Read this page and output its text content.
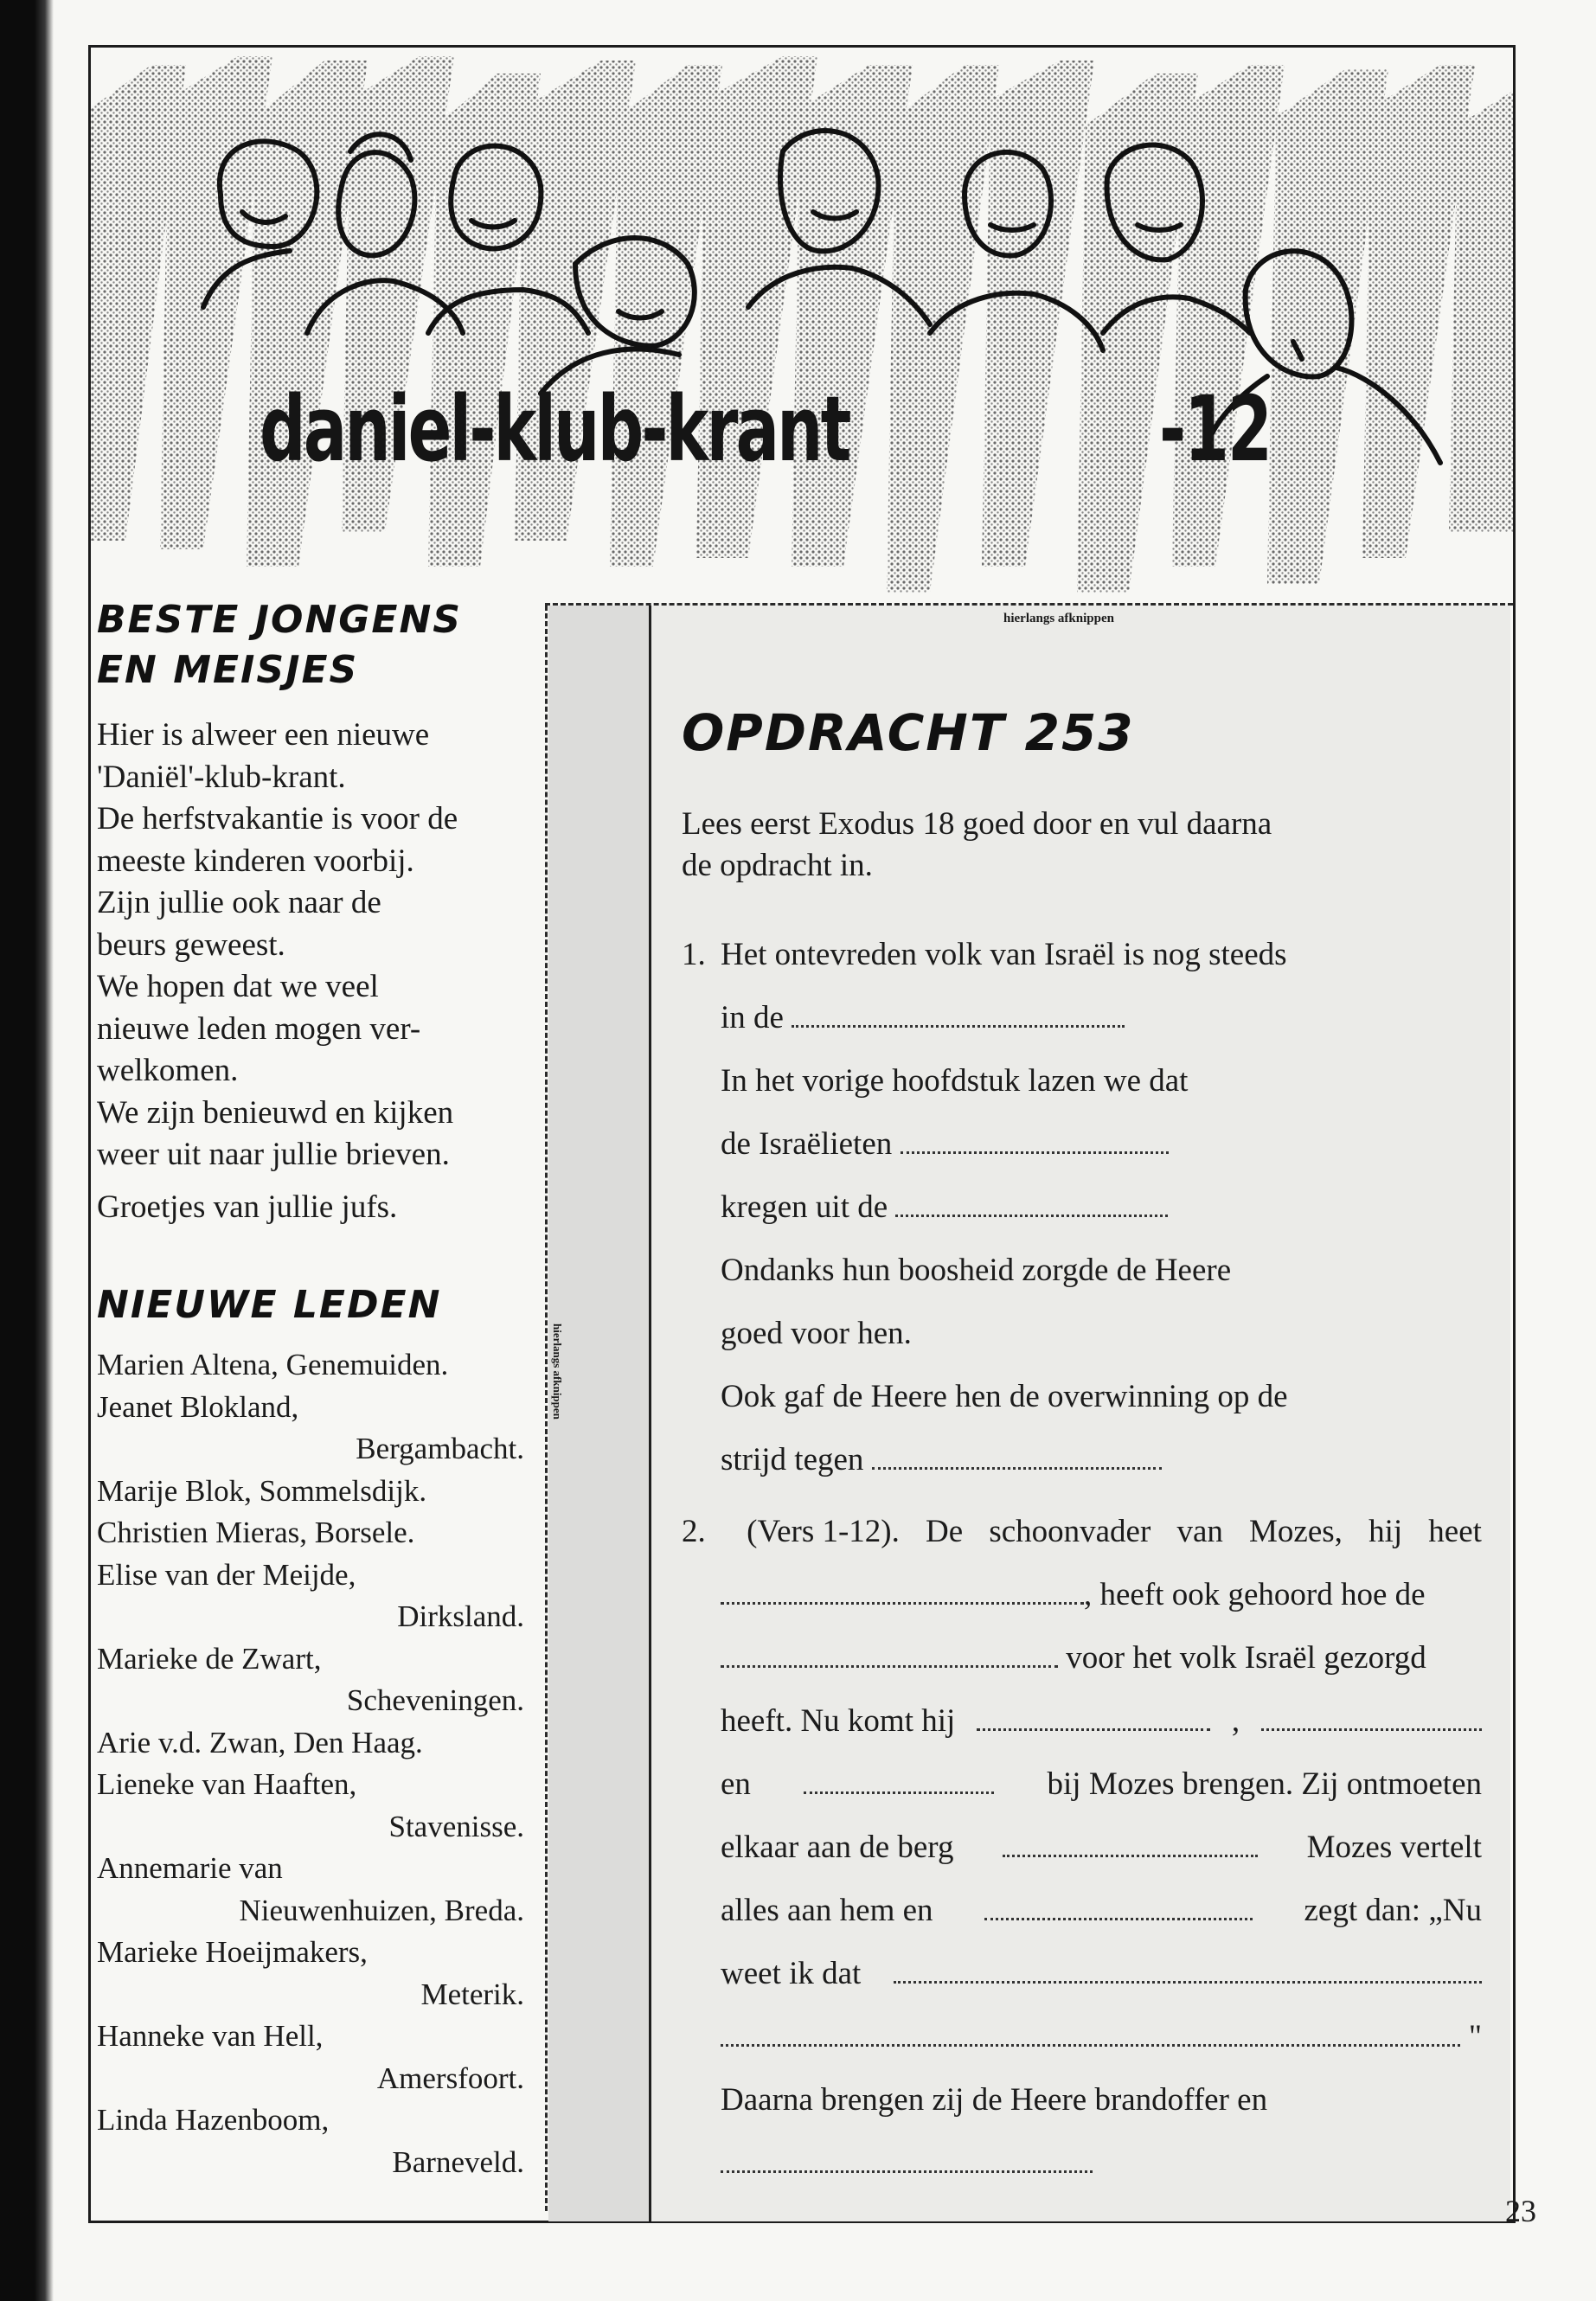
daniel-klub-krant	-12
BESTE JONGENS
EN MEISJES

Hier is alweer een nieuwe

'Daniël'-klub-krant.

De herfstvakantie is voor de

meeste kinderen voorbij.

Zijn jullie ook naar de

beurs geweest.

We hopen dat we veel

nieuwe leden mogen ver-

welkomen.

We zijn benieuwd en kijken

weer uit naar jullie brieven.

Groetjes van jullie jufs.

NIEUWE LEDEN
Marien Altena, Genemuiden.
Jeanet Blokland,
Bergambacht.
Marije Blok, Sommelsdijk.
Christien Mieras, Borsele.
Elise van der Meijde,
Dirksland.
Marieke de Zwart,
Scheveningen.
Arie v.d. Zwan, Den Haag.
Lieneke van Haaften,
Stavenisse.
Annemarie van
Nieuwenhuizen, Breda.
Marieke Hoeijmakers,
Meterik.
Hanneke van Hell,
Amersfoort.
Linda Hazenboom,
Barneveld.
hierlangs afknippen
hierlangs afknippen
OPDRACHT 253
Lees eerst Exodus 18 goed door en vul daarna
de opdracht in.
1. Het ontevreden volk van Israël is nog steeds
in de
In het vorige hoofdstuk lazen we dat
de Israëlieten
kregen uit de
Ondanks hun boosheid zorgde de Heere
goed voor hen.
Ook gaf de Heere hen de overwinning op de
strijd tegen
2.	(Vers 1-12). De schoonvader van Mozes, hij heet
, heeft ook gehoord hoe de
voor het volk Israël gezorgd
heeft. Nu komt hij	,
en	bij Mozes brengen. Zij ontmoeten
elkaar aan de berg	Mozes vertelt
alles aan hem en	zegt dan: „Nu
weet ik dat
"
Daarna brengen zij de Heere brandoffer en
23
